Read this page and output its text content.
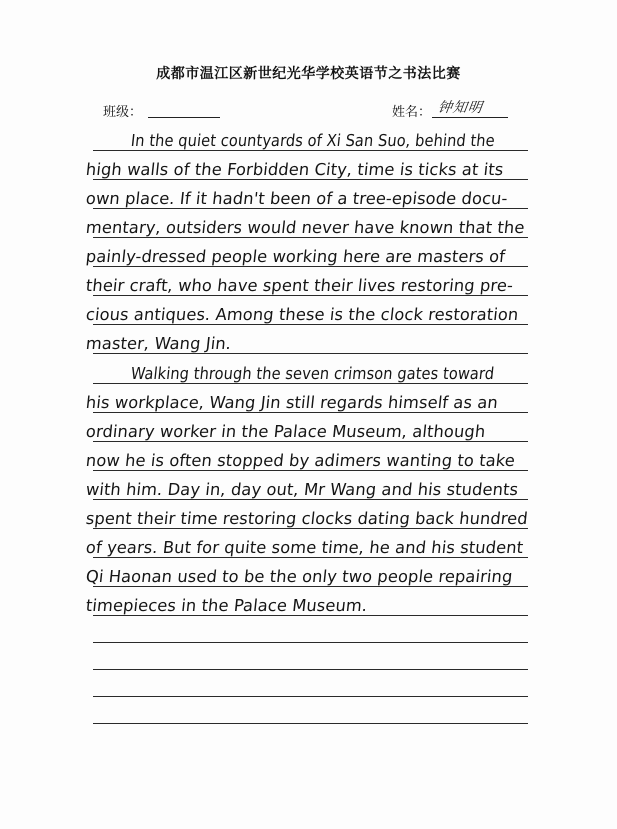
成都市温江区新世纪光华学校英语节之书法比赛
班级：	姓名： 钟知明
In the quiet countyards of Xi San Suo, behind the
high walls of the Forbidden City, time is ticks at its
own place. If it hadn't been of a tree-episode docu-
mentary, outsiders would never have known that the
painly-dressed people working here are masters of
their craft, who have spent their lives restoring pre-
cious antiques. Among these is the clock restoration
master, Wang Jin.
Walking through the seven crimson gates toward
his workplace, Wang Jin still regards himself as an
ordinary worker in the Palace Museum, although
now he is often stopped by adimers wanting to take
with him. Day in, day out, Mr Wang and his students
spent their time restoring clocks dating back hundred
of years. But for quite some time, he and his student
Qi Haonan used to be the only two people repairing
timepieces in the Palace Museum.
